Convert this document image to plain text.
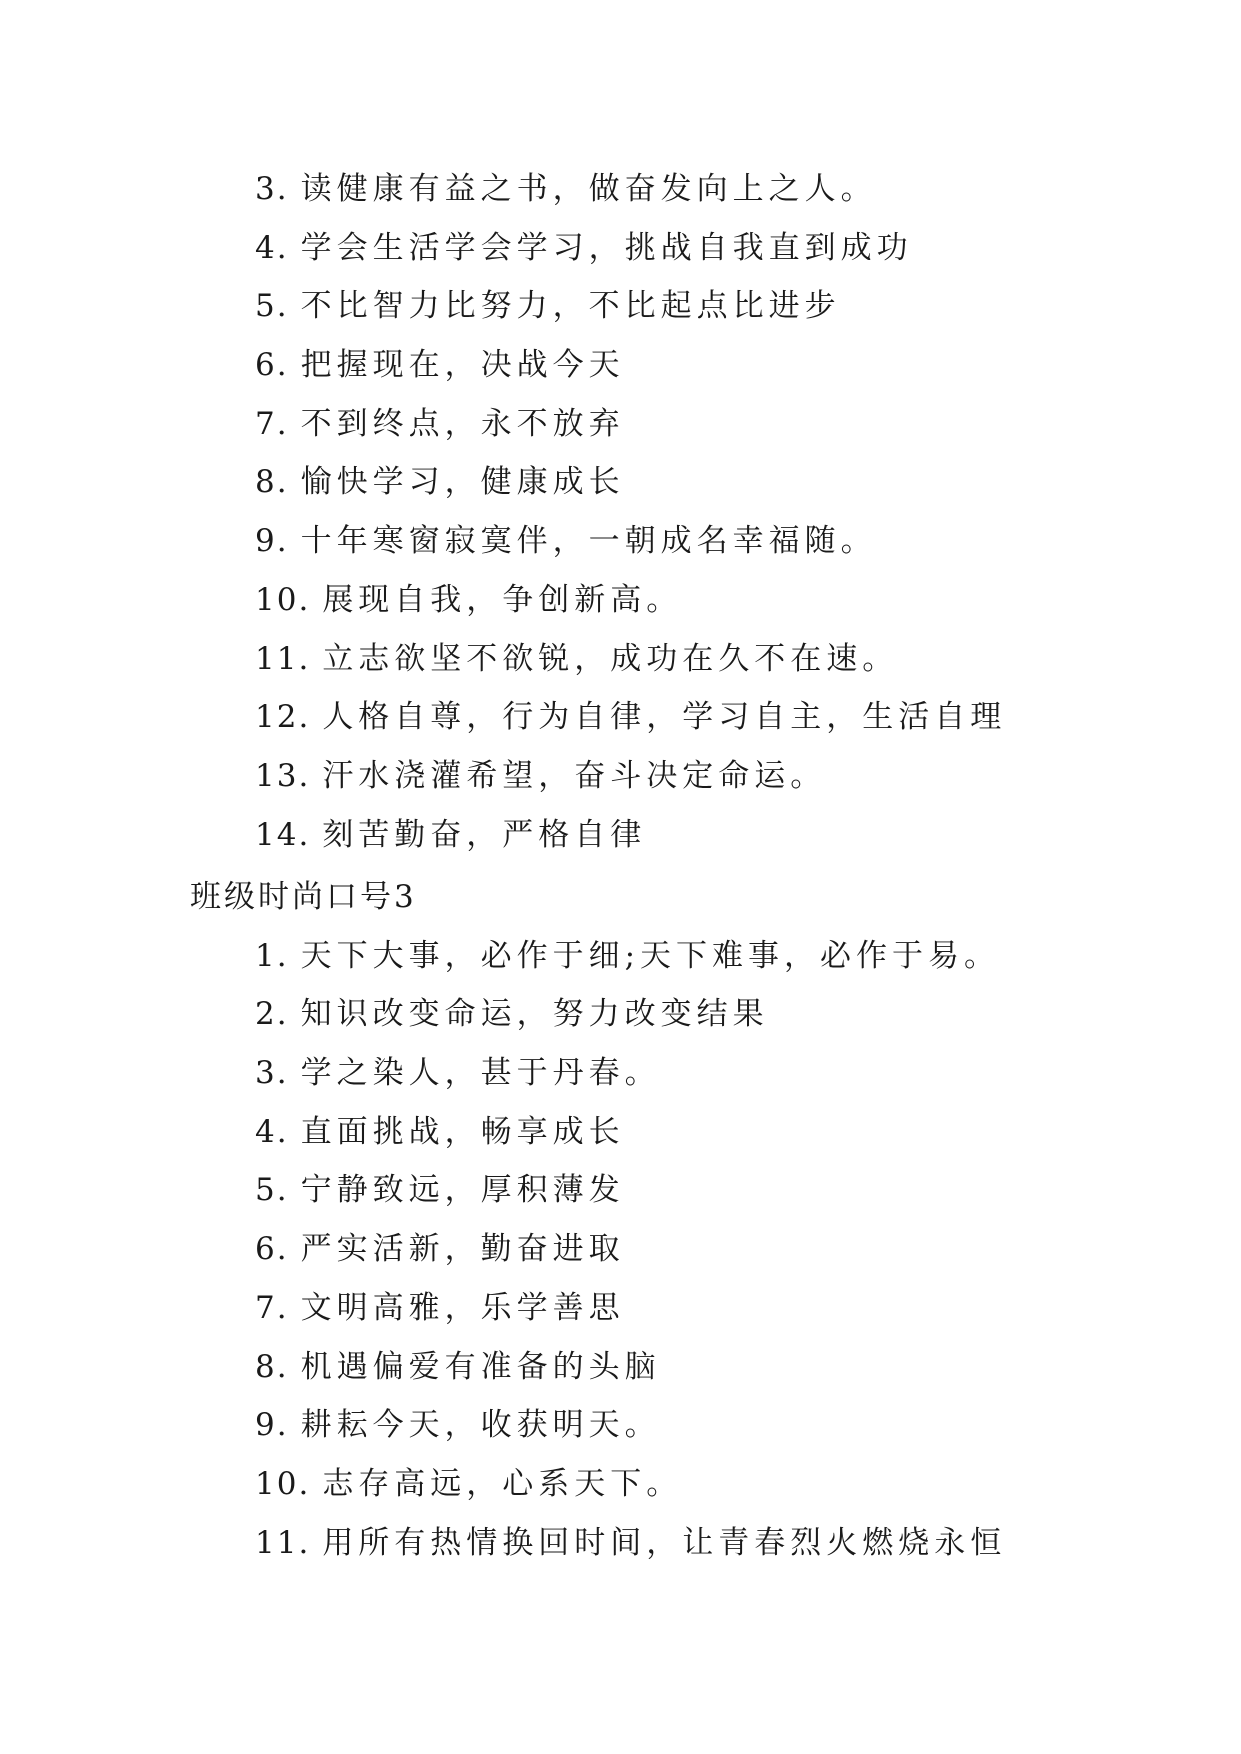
3. 读健康有益之书，做奋发向上之人。
4. 学会生活学会学习，挑战自我直到成功
5. 不比智力比努力，不比起点比进步
6. 把握现在，决战今天
7. 不到终点，永不放弃
8. 愉快学习，健康成长
9. 十年寒窗寂寞伴，一朝成名幸福随。
10. 展现自我，争创新高。
11. 立志欲坚不欲锐，成功在久不在速。
12. 人格自尊，行为自律，学习自主，生活自理
13. 汗水浇灌希望，奋斗决定命运。
14. 刻苦勤奋，严格自律
班级时尚口号3
1. 天下大事，必作于细;天下难事，必作于易。
2. 知识改变命运，努力改变结果
3. 学之染人，甚于丹春。
4. 直面挑战，畅享成长
5. 宁静致远，厚积薄发
6. 严实活新，勤奋进取
7. 文明高雅，乐学善思
8. 机遇偏爱有准备的头脑
9. 耕耘今天，收获明天。
10. 志存高远，心系天下。
11. 用所有热情换回时间，让青春烈火燃烧永恒
